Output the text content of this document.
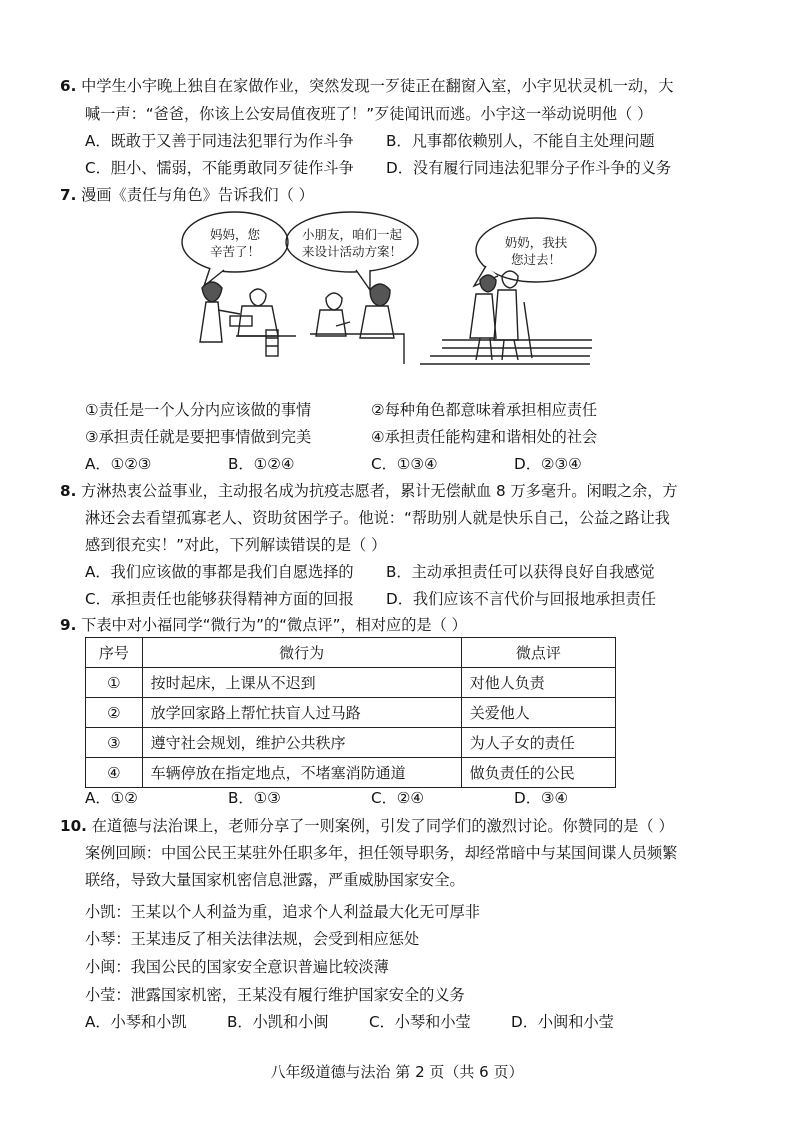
6. 中学生小宇晚上独自在家做作业，突然发现一歹徒正在翻窗入室，小宇见状灵机一动，大
喊一声：“爸爸，你该上公安局值夜班了！”歹徒闻讯而逃。小宇这一举动说明他（ ）
A．既敢于又善于同违法犯罪行为作斗争 B．凡事都依赖别人，不能自主处理问题
C．胆小、懦弱，不能勇敢同歹徒作斗争 D．没有履行同违法犯罪分子作斗争的义务
7. 漫画《责任与角色》告诉我们（ ）
妈妈，您
辛苦了！
小朋友，咱们一起
来设计活动方案！
奶奶，我扶
您过去！
①责任是一个人分内应该做的事情	②每种角色都意味着承担相应责任
③承担责任就是要把事情做到完美	④承担责任能构建和谐相处的社会
A．①②③	B．①②④	C．①③④	D．②③④
8. 方淋热衷公益事业，主动报名成为抗疫志愿者，累计无偿献血 8 万多毫升。闲暇之余，方
淋还会去看望孤寡老人、资助贫困学子。他说：“帮助别人就是快乐自己，公益之路让我
感到很充实！”对此，下列解读错误的是（ ）
A．我们应该做的事都是我们自愿选择的 B．主动承担责任可以获得良好自我感觉
C．承担责任也能够获得精神方面的回报 D．我们应该不言代价与回报地承担责任
9. 下表中对小福同学“微行为”的“微点评”，相对应的是（ ）
序号	微行为	微点评
①	按时起床，上课从不迟到	对他人负责
②	放学回家路上帮忙扶盲人过马路	关爱他人
③	遵守社会规划，维护公共秩序	为人子女的责任
④	车辆停放在指定地点，不堵塞消防通道	做负责任的公民
A．①②	B．①③	C．②④	D．③④
10. 在道德与法治课上，老师分享了一则案例，引发了同学们的激烈讨论。你赞同的是（ ）
案例回顾：中国公民王某驻外任职多年，担任领导职务，却经常暗中与某国间谍人员频繁
联络，导致大量国家机密信息泄露，严重威胁国家安全。
小凯：王某以个人利益为重，追求个人利益最大化无可厚非
小琴：王某违反了相关法律法规，会受到相应惩处
小闽：我国公民的国家安全意识普遍比较淡薄
小莹：泄露国家机密，王某没有履行维护国家安全的义务
A．小琴和小凯	B．小凯和小闽	C．小琴和小莹	D．小闽和小莹
八年级道德与法治 第 2 页（共 6 页）
